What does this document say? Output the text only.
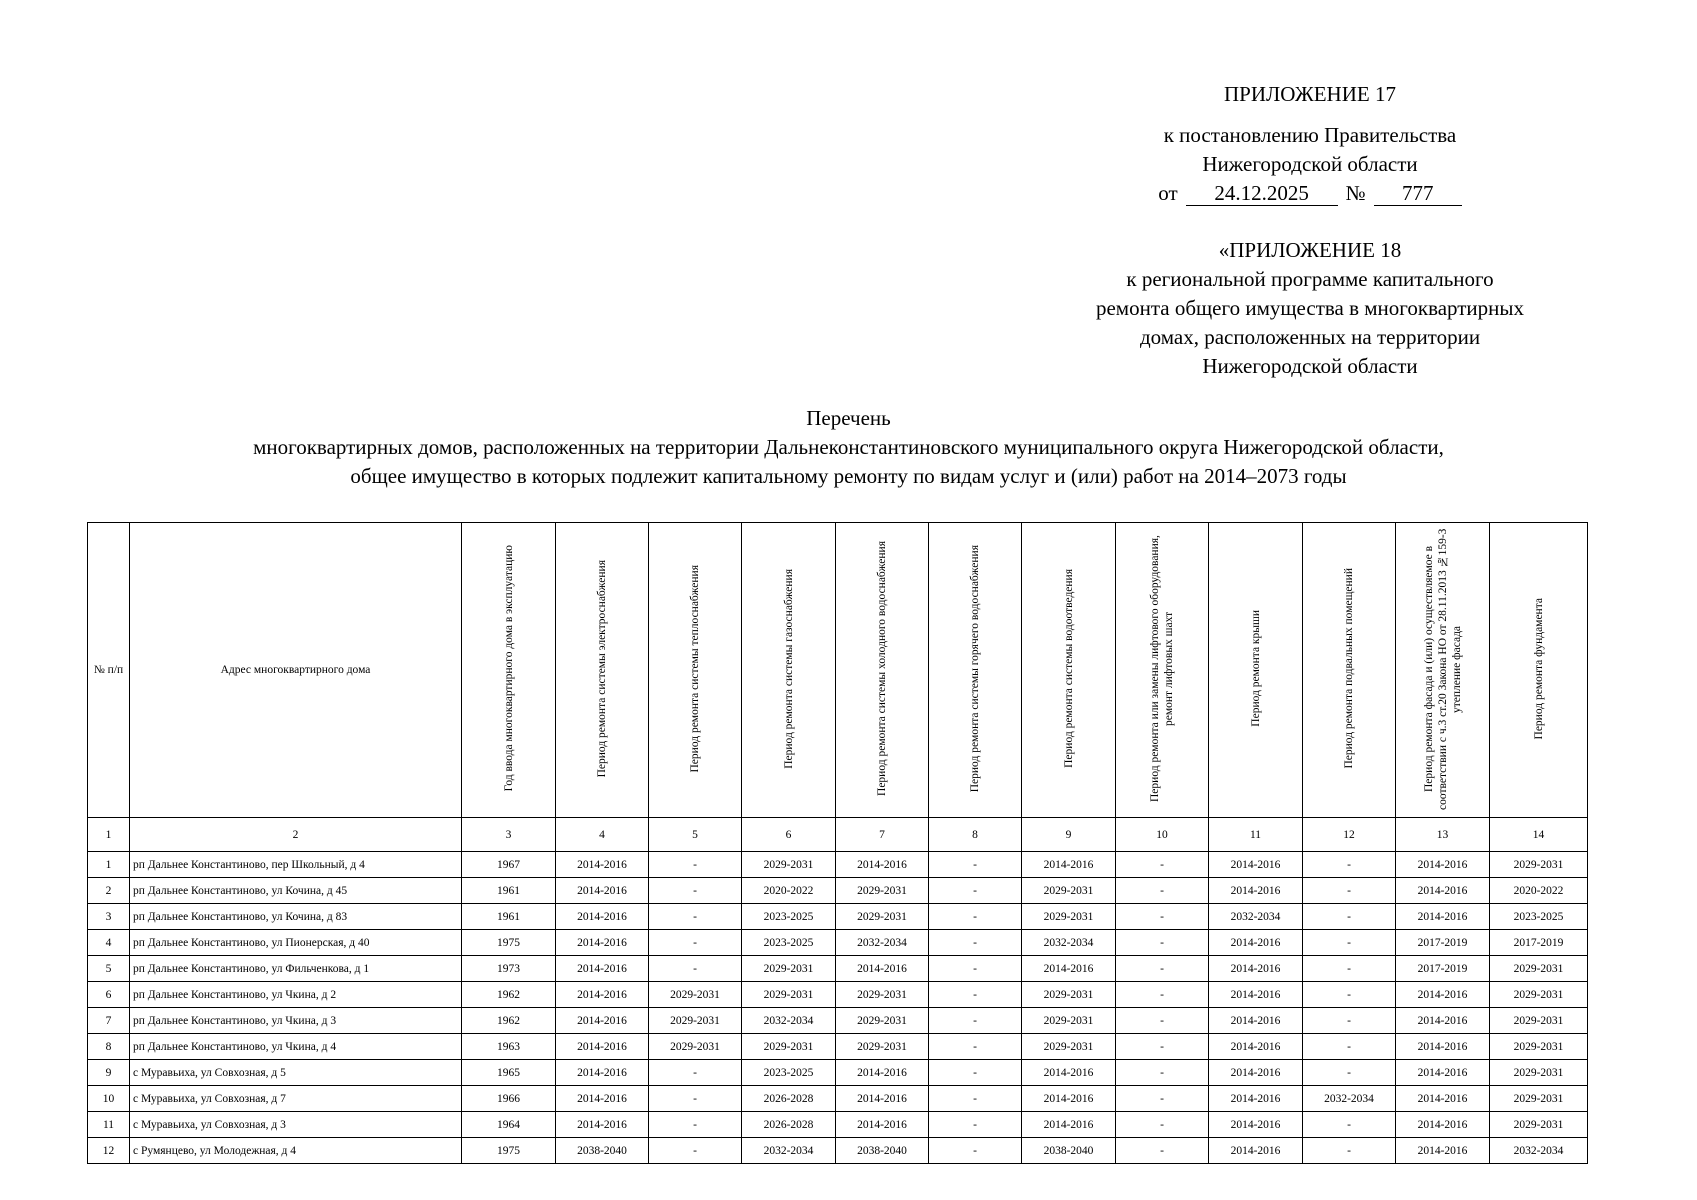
ПРИЛОЖЕНИЕ 17
к постановлению Правительства
Нижегородской области
от	24.12.2025	№	777
«ПРИЛОЖЕНИЕ 18
к региональной программе капитального
ремонта общего имущества в многоквартирных
домах, расположенных на территории
Нижегородской области
Перечень
многоквартирных домов, расположенных на территории Дальнеконстантиновского муниципального округа Нижегородской области,
общее имущество в которых подлежит капитальному ремонту по видам услуг и (или) работ на 2014–2073 годы
№ п/п	Адрес многоквартирного дома	Год ввода многоквартирного дома в эксплуатацию	Период ремонта системы электроснабжения	Период ремонта системы теплоснабжения	Период ремонта системы газоснабжения	Период ремонта системы холодного водоснабжения	Период ремонта системы горячего водоснабжения	Период ремонта системы водоотведения	Период ремонта или замены лифтового оборудования, ремонт лифтовых шахт	Период ремонта крыши	Период ремонта подвальных помещений	Период ремонта фасада и (или) осуществляемое в соответствии с ч.3 ст.20 Закона НО от 28.11.2013 №159-З утепление фасада	Период ремонта фундамента
1	2	3	4	5	6	7	8	9	10	11	12	13	14
1	рп Дальнее Константиново, пер Школьный, д 4	1967	2014-2016	-	2029-2031	2014-2016	-	2014-2016	-	2014-2016	-	2014-2016	2029-2031
2	рп Дальнее Константиново, ул Кочина, д 45	1961	2014-2016	-	2020-2022	2029-2031	-	2029-2031	-	2014-2016	-	2014-2016	2020-2022
3	рп Дальнее Константиново, ул Кочина, д 83	1961	2014-2016	-	2023-2025	2029-2031	-	2029-2031	-	2032-2034	-	2014-2016	2023-2025
4	рп Дальнее Константиново, ул Пионерская, д 40	1975	2014-2016	-	2023-2025	2032-2034	-	2032-2034	-	2014-2016	-	2017-2019	2017-2019
5	рп Дальнее Константиново, ул Фильченкова, д 1	1973	2014-2016	-	2029-2031	2014-2016	-	2014-2016	-	2014-2016	-	2017-2019	2029-2031
6	рп Дальнее Константиново, ул Чкина, д 2	1962	2014-2016	2029-2031	2029-2031	2029-2031	-	2029-2031	-	2014-2016	-	2014-2016	2029-2031
7	рп Дальнее Константиново, ул Чкина, д 3	1962	2014-2016	2029-2031	2032-2034	2029-2031	-	2029-2031	-	2014-2016	-	2014-2016	2029-2031
8	рп Дальнее Константиново, ул Чкина, д 4	1963	2014-2016	2029-2031	2029-2031	2029-2031	-	2029-2031	-	2014-2016	-	2014-2016	2029-2031
9	с Муравьиха, ул Совхозная, д 5	1965	2014-2016	-	2023-2025	2014-2016	-	2014-2016	-	2014-2016	-	2014-2016	2029-2031
10	с Муравьиха, ул Совхозная, д 7	1966	2014-2016	-	2026-2028	2014-2016	-	2014-2016	-	2014-2016	2032-2034	2014-2016	2029-2031
11	с Муравьиха, ул Совхозная, д 3	1964	2014-2016	-	2026-2028	2014-2016	-	2014-2016	-	2014-2016	-	2014-2016	2029-2031
12	с Румянцево, ул Молодежная, д 4	1975	2038-2040	-	2032-2034	2038-2040	-	2038-2040	-	2014-2016	-	2014-2016	2032-2034
